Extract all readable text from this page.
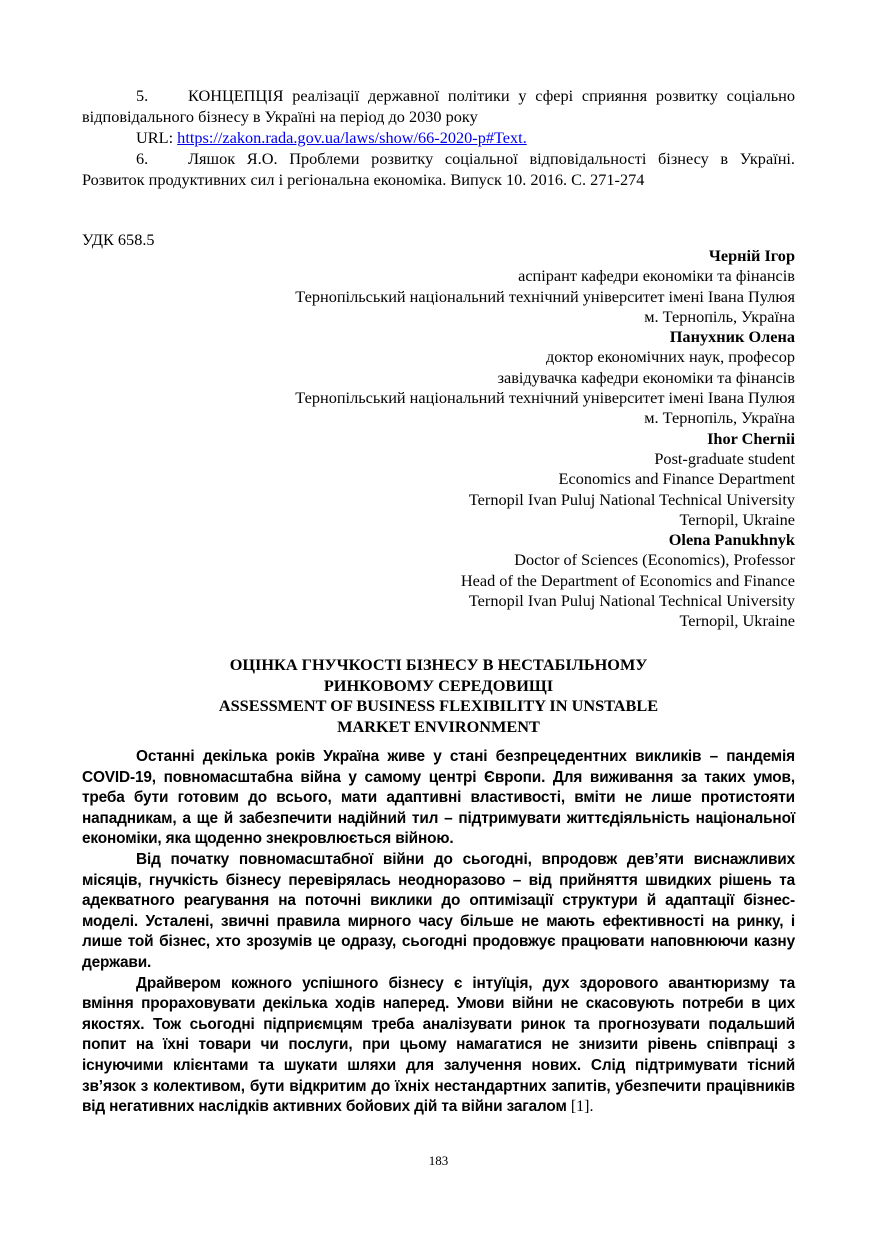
5. КОНЦЕПЦІЯ реалізації державної політики у сфері сприяння розвитку соціально відповідального бізнесу в Україні на період до 2030 року
URL: https://zakon.rada.gov.ua/laws/show/66-2020-p#Text.
6. Ляшок Я.О. Проблеми розвитку соціальної відповідальності бізнесу в Україні. Розвиток продуктивних сил і регіональна економіка. Випуск 10. 2016. С. 271-274
УДК 658.5
Черній Ігор
аспірант кафедри економіки та фінансів
Тернопільський національний технічний університет імені Івана Пулюя
м. Тернопіль, Україна
Панухник Олена
доктор економічних наук, професор
завідувачка кафедри економіки та фінансів
Тернопільський національний технічний університет імені Івана Пулюя
м. Тернопіль, Україна
Ihor Chernii
Post-graduate student
Economics and Finance Department
Ternopil Ivan Puluj National Technical University
Ternopil, Ukraine
Olena Panukhnyk
Doctor of Sciences (Economics), Professor
Head of the Department of Economics and Finance
Ternopil Ivan Puluj National Technical University
Ternopil, Ukraine
ОЦІНКА ГНУЧКОСТІ БІЗНЕСУ В НЕСТАБІЛЬНОМУ
РИНКОВОМУ СЕРЕДОВИЩІ
ASSESSMENT OF BUSINESS FLEXIBILITY IN UNSTABLE
MARKET ENVIRONMENT

Останні декілька років Україна живе у стані безпрецедентних викликів – пандемія COVID-19, повномасштабна війна у самому центрі Європи. Для виживання за таких умов, треба бути готовим до всього, мати адаптивні властивості, вміти не лише протистояти нападникам, а ще й забезпечити надійний тил – підтримувати життєдіяльність національної економіки, яка щоденно знекровлюється війною.

Від початку повномасштабної війни до сьогодні, впродовж дев’яти виснажливих місяців, гнучкість бізнесу перевірялась неодноразово – від прийняття швидких рішень та адекватного реагування на поточні виклики до оптимізації структури й адаптації бізнес-моделі. Усталені, звичні правила мирного часу більше не мають ефективності на ринку, і лише той бізнес, хто зрозумів це одразу, сьогодні продовжує працювати наповнюючи казну держави.

Драйвером кожного успішного бізнесу є інтуїція, дух здорового авантюризму та вміння прораховувати декілька ходів наперед. Умови війни не скасовують потреби в цих якостях. Тож сьогодні підприємцям треба аналізувати ринок та прогнозувати подальший попит на їхні товари чи послуги, при цьому намагатися не знизити рівень співпраці з існуючими клієнтами та шукати шляхи для залучення нових. Слід підтримувати тісний зв’язок з колективом, бути відкритим до їхніх нестандартних запитів, убезпечити працівників від негативних наслідків активних бойових дій та війни загалом [1].

183
